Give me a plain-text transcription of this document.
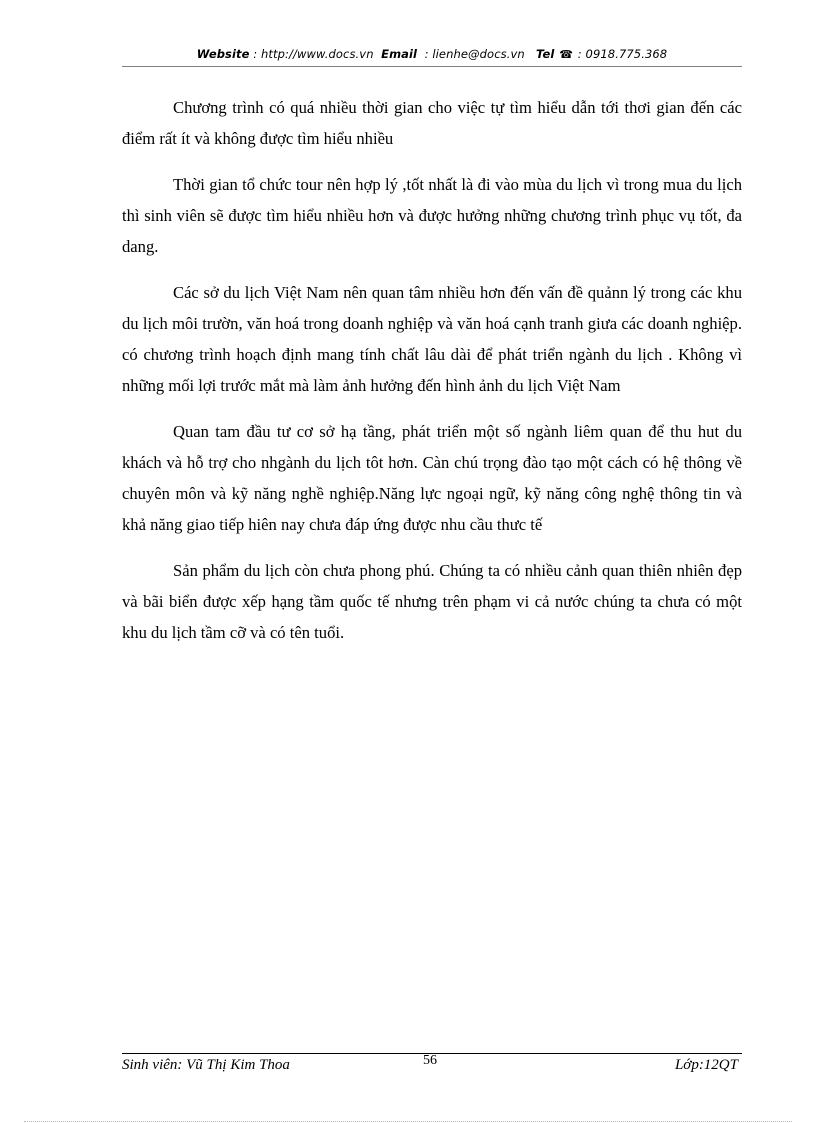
Website : http://www.docs.vn Email : lienhe@docs.vn Tel ☎ : 0918.775.368

Chương trình có quá nhiều thời gian cho việc tự tìm hiểu dẫn tới thơi gian đến các điểm rất ít và không được tìm hiểu nhiều

Thời gian tổ chức tour nên hợp lý ,tốt nhất là đi vào mùa du lịch vì trong mua du lịch thì sinh viên sẽ được tìm hiểu nhiều hơn và được hưởng những chương trình phục vụ tốt, đa dang.

Các sở du lịch Việt Nam nên quan tâm nhiều hơn đến vấn đề quảnn lý trong các khu du lịch môi trườn, văn hoá trong doanh nghiệp và văn hoá cạnh tranh giưa các doanh nghiệp. có chương trình hoạch định mang tính chất lâu dài để phát triển ngành du lịch . Không vì những mối lợi trước mắt mà làm ảnh hưởng đến hình ảnh du lịch Việt Nam

Quan tam đầu tư cơ sở hạ tầng, phát triển một số ngành liêm quan để thu hut du khách và hỗ trợ cho nhgành du lịch tôt hơn. Càn chú trọng đào tạo một cách có hệ thông về chuyên môn và kỹ năng nghề nghiệp.Năng lực ngoại ngữ, kỹ năng công nghệ thông tin và khả năng giao tiếp hiên nay chưa đáp ứng được nhu cầu thưc tế

Sản phẩm du lịch còn chưa phong phú. Chúng ta có nhiều cảnh quan thiên nhiên đẹp và bãi biển được xếp hạng tầm quốc tế nhưng trên phạm vi cả nước chúng ta chưa có một khu du lịch tầm cỡ và có tên tuổi.

Sinh viên: Vũ Thị Kim Thoa	56	Lớp:12QT
